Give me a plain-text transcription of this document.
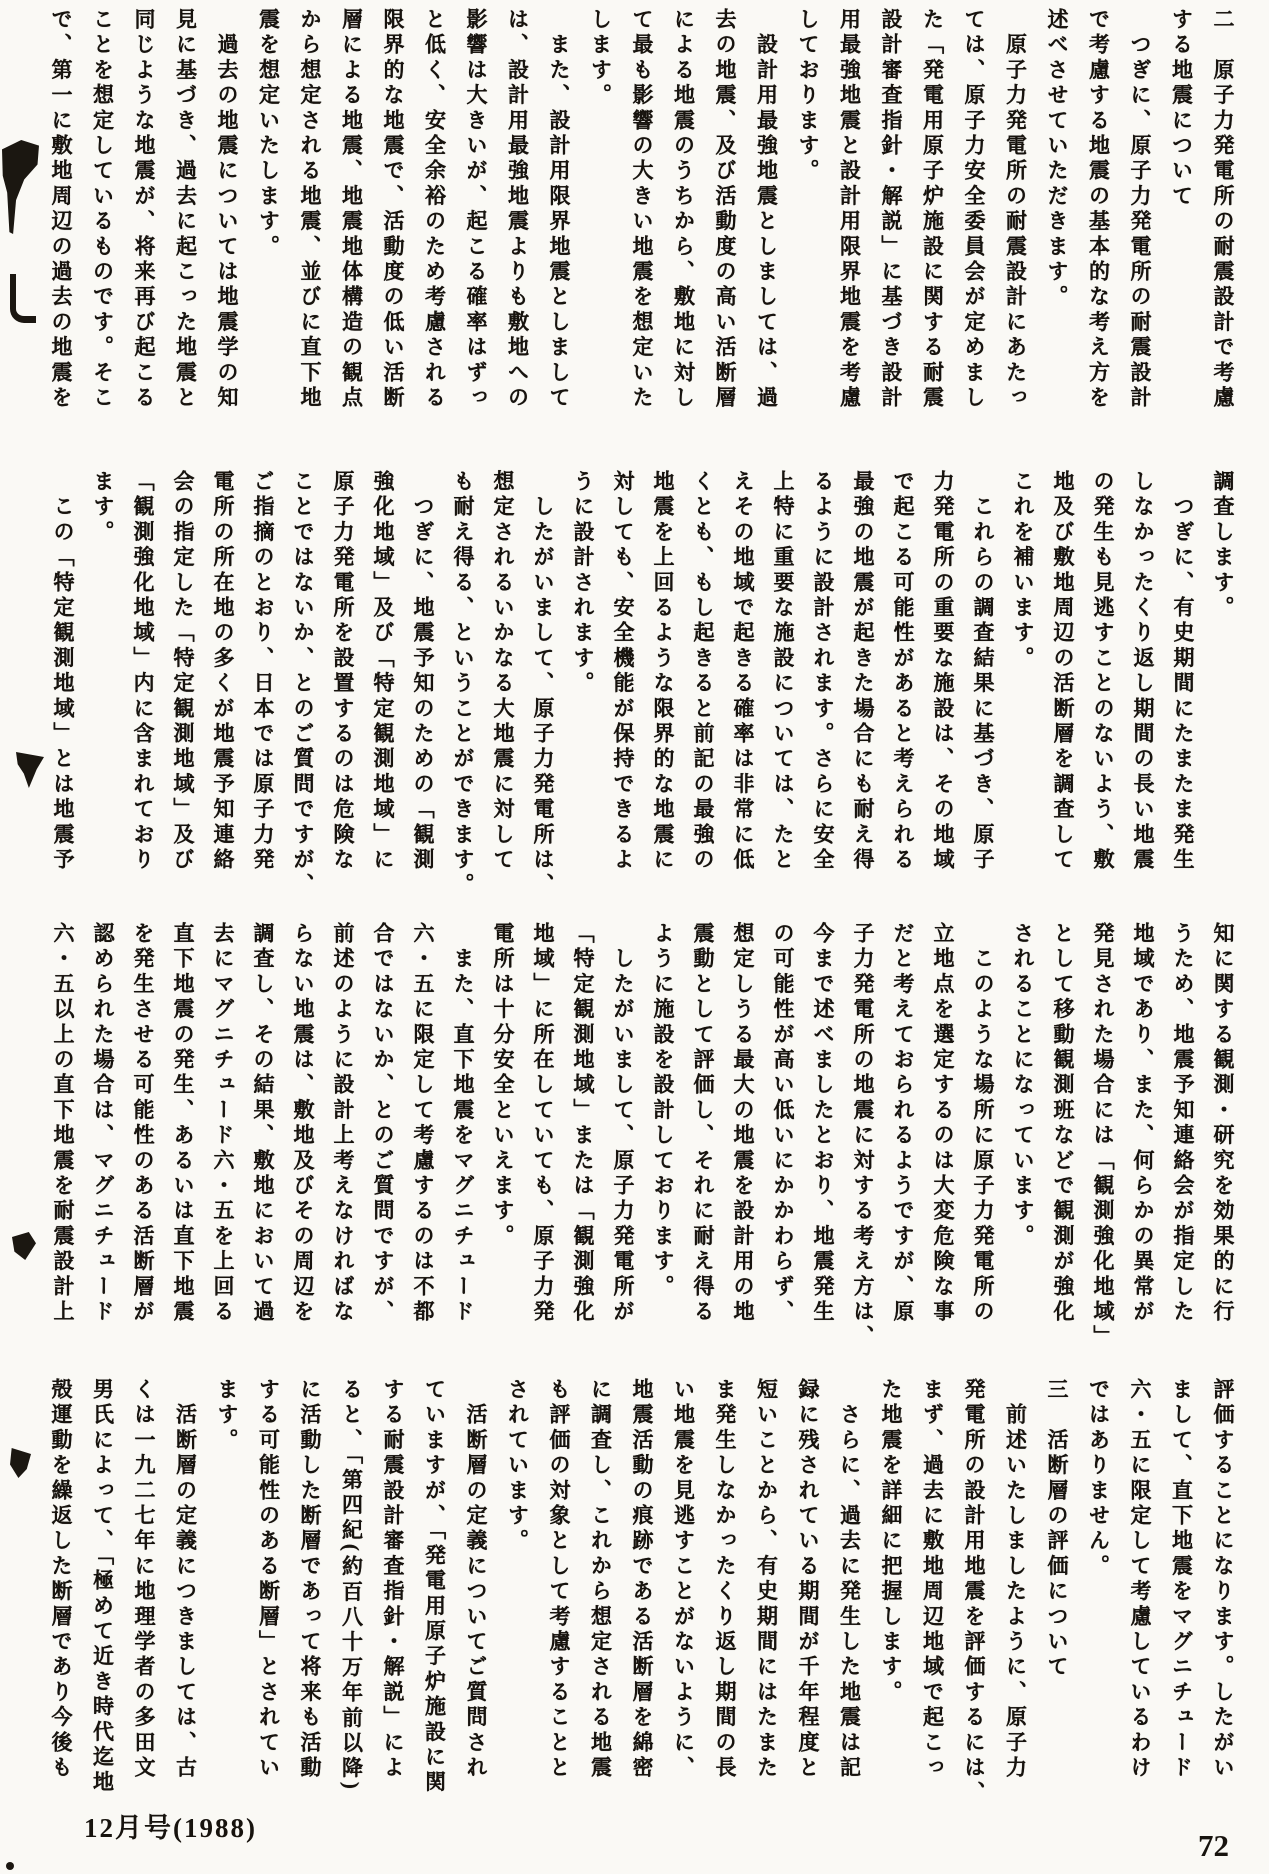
二　原子力発電所の耐震設計で考慮
する地震について
　つぎに、原子力発電所の耐震設計
で考慮する地震の基本的な考え方を
述べさせていただきます。
　原子力発電所の耐震設計にあたっ
ては、原子力安全委員会が定めまし
た「発電用原子炉施設に関する耐震
設計審査指針・解説」に基づき設計
用最強地震と設計用限界地震を考慮
しております。
　設計用最強地震としましては、過
去の地震、及び活動度の高い活断層
による地震のうちから、敷地に対し
て最も影響の大きい地震を想定いた
します。
　また、設計用限界地震としまして
は、設計用最強地震よりも敷地への
影響は大きいが、起こる確率はずっ
と低く、安全余裕のため考慮される
限界的な地震で、活動度の低い活断
層による地震、地震地体構造の観点
から想定される地震、並びに直下地
震を想定いたします。
　過去の地震については地震学の知
見に基づき、過去に起こった地震と
同じような地震が、将来再び起こる
ことを想定しているものです。そこ
で、第一に敷地周辺の過去の地震を
調査します。
　つぎに、有史期間にたまたま発生
しなかったくり返し期間の長い地震
の発生も見逃すことのないよう、敷
地及び敷地周辺の活断層を調査して
これを補います。
　これらの調査結果に基づき、原子
力発電所の重要な施設は、その地域
で起こる可能性があると考えられる
最強の地震が起きた場合にも耐え得
るように設計されます。さらに安全
上特に重要な施設については、たと
えその地域で起きる確率は非常に低
くとも、もし起きると前記の最強の
地震を上回るような限界的な地震に
対しても、安全機能が保持できるよ
うに設計されます。
　したがいまして、原子力発電所は、
想定されるいかなる大地震に対して
も耐え得る、ということができます。
　つぎに、地震予知のための「観測
強化地域」及び「特定観測地域」に
原子力発電所を設置するのは危険な
ことではないか、とのご質問ですが、
ご指摘のとおり、日本では原子力発
電所の所在地の多くが地震予知連絡
会の指定した「特定観測地域」及び
「観測強化地域」内に含まれており
ます。
　この「特定観測地域」とは地震予
知に関する観測・研究を効果的に行
うため、地震予知連絡会が指定した
地域であり、また、何らかの異常が
発見された場合には「観測強化地域」
として移動観測班などで観測が強化
されることになっています。
　このような場所に原子力発電所の
立地点を選定するのは大変危険な事
だと考えておられるようですが、原
子力発電所の地震に対する考え方は、
今まで述べましたとおり、地震発生
の可能性が高い低いにかかわらず、
想定しうる最大の地震を設計用の地
震動として評価し、それに耐え得る
ように施設を設計しております。
　したがいまして、原子力発電所が
「特定観測地域」または「観測強化
地域」に所在していても、原子力発
電所は十分安全といえます。
　また、直下地震をマグニチュード
六・五に限定して考慮するのは不都
合ではないか、とのご質問ですが、
前述のように設計上考えなければな
らない地震は、敷地及びその周辺を
調査し、その結果、敷地において過
去にマグニチュード六・五を上回る
直下地震の発生、あるいは直下地震
を発生させる可能性のある活断層が
認められた場合は、マグニチュード
六・五以上の直下地震を耐震設計上
評価することになります。したがい
まして、直下地震をマグニチュード
六・五に限定して考慮しているわけ
ではありません。
三　活断層の評価について
　前述いたしましたように、原子力
発電所の設計用地震を評価するには、
まず、過去に敷地周辺地域で起こっ
た地震を詳細に把握します。
　さらに、過去に発生した地震は記
録に残されている期間が千年程度と
短いことから、有史期間にはたまた
ま発生しなかったくり返し期間の長
い地震を見逃すことがないように、
地震活動の痕跡である活断層を綿密
に調査し、これから想定される地震
も評価の対象として考慮することと
されています。
　活断層の定義についてご質問され
ていますが、「発電用原子炉施設に関
する耐震設計審査指針・解説」によ
ると、「第四紀(約百八十万年前以降)
に活動した断層であって将来も活動
する可能性のある断層」とされてい
ます。
　活断層の定義につきましては、古
くは一九二七年に地理学者の多田文
男氏によって、「極めて近き時代迄地
殻運動を繰返した断層であり今後も
12月号(1988)	72
